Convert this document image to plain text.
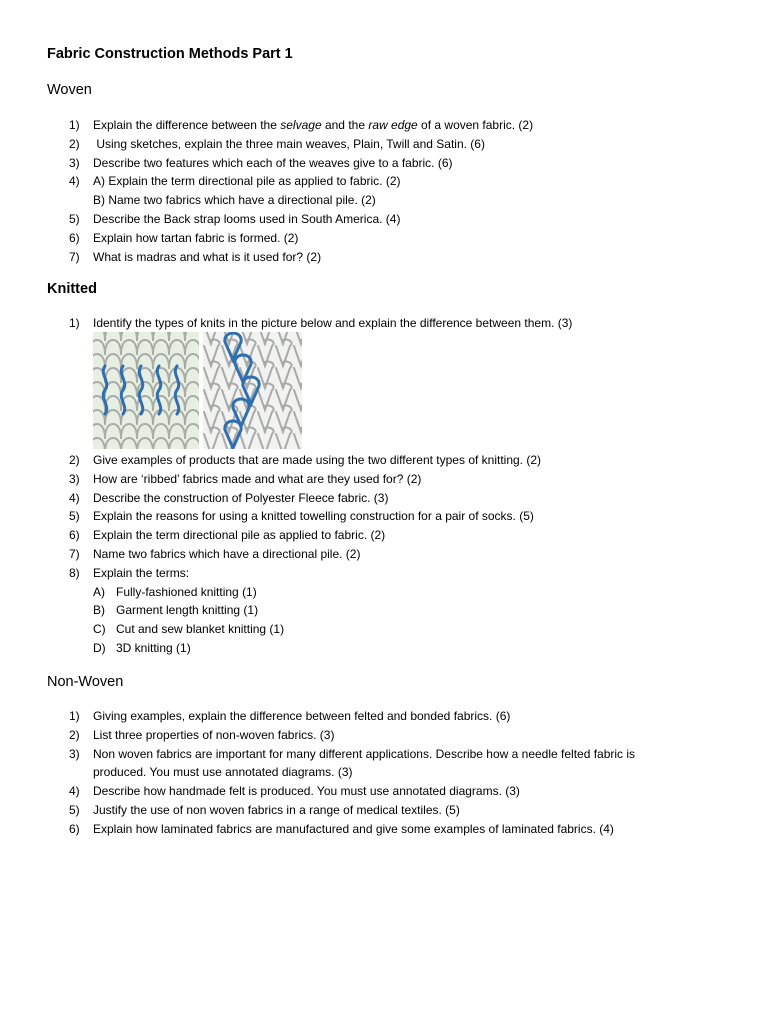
Fabric Construction Methods Part 1
Woven
1) Explain the difference between the selvage and the raw edge of a woven fabric. (2)
2) Using sketches, explain the three main weaves, Plain, Twill and Satin. (6)
3) Describe two features which each of the weaves give to a fabric. (6)
4) A) Explain the term directional pile as applied to fabric. (2)
B) Name two fabrics which have a directional pile. (2)
5) Describe the Back strap looms used in South America. (4)
6) Explain how tartan fabric is formed. (2)
7) What is madras and what is it used for? (2)
Knitted
1) Identify the types of knits in the picture below and explain the difference between them. (3)
2) Give examples of products that are made using the two different types of knitting. (2)
3) How are ‘ribbed’ fabrics made and what are they used for? (2)
4) Describe the construction of Polyester Fleece fabric. (3)
5) Explain the reasons for using a knitted towelling construction for a pair of socks. (5)
6) Explain the term directional pile as applied to fabric. (2)
7) Name two fabrics which have a directional pile. (2)
8) Explain the terms:
A) Fully-fashioned knitting (1)
B) Garment length knitting (1)
C) Cut and sew blanket knitting (1)
D) 3D knitting (1)
Non-Woven
1) Giving examples, explain the difference between felted and bonded fabrics. (6)
2) List three properties of non-woven fabrics. (3)
3) Non woven fabrics are important for many different applications. Describe how a needle felted fabric is
produced. You must use annotated diagrams. (3)
4) Describe how handmade felt is produced. You must use annotated diagrams. (3)
5) Justify the use of non woven fabrics in a range of medical textiles. (5)
6) Explain how laminated fabrics are manufactured and give some examples of laminated fabrics. (4)
